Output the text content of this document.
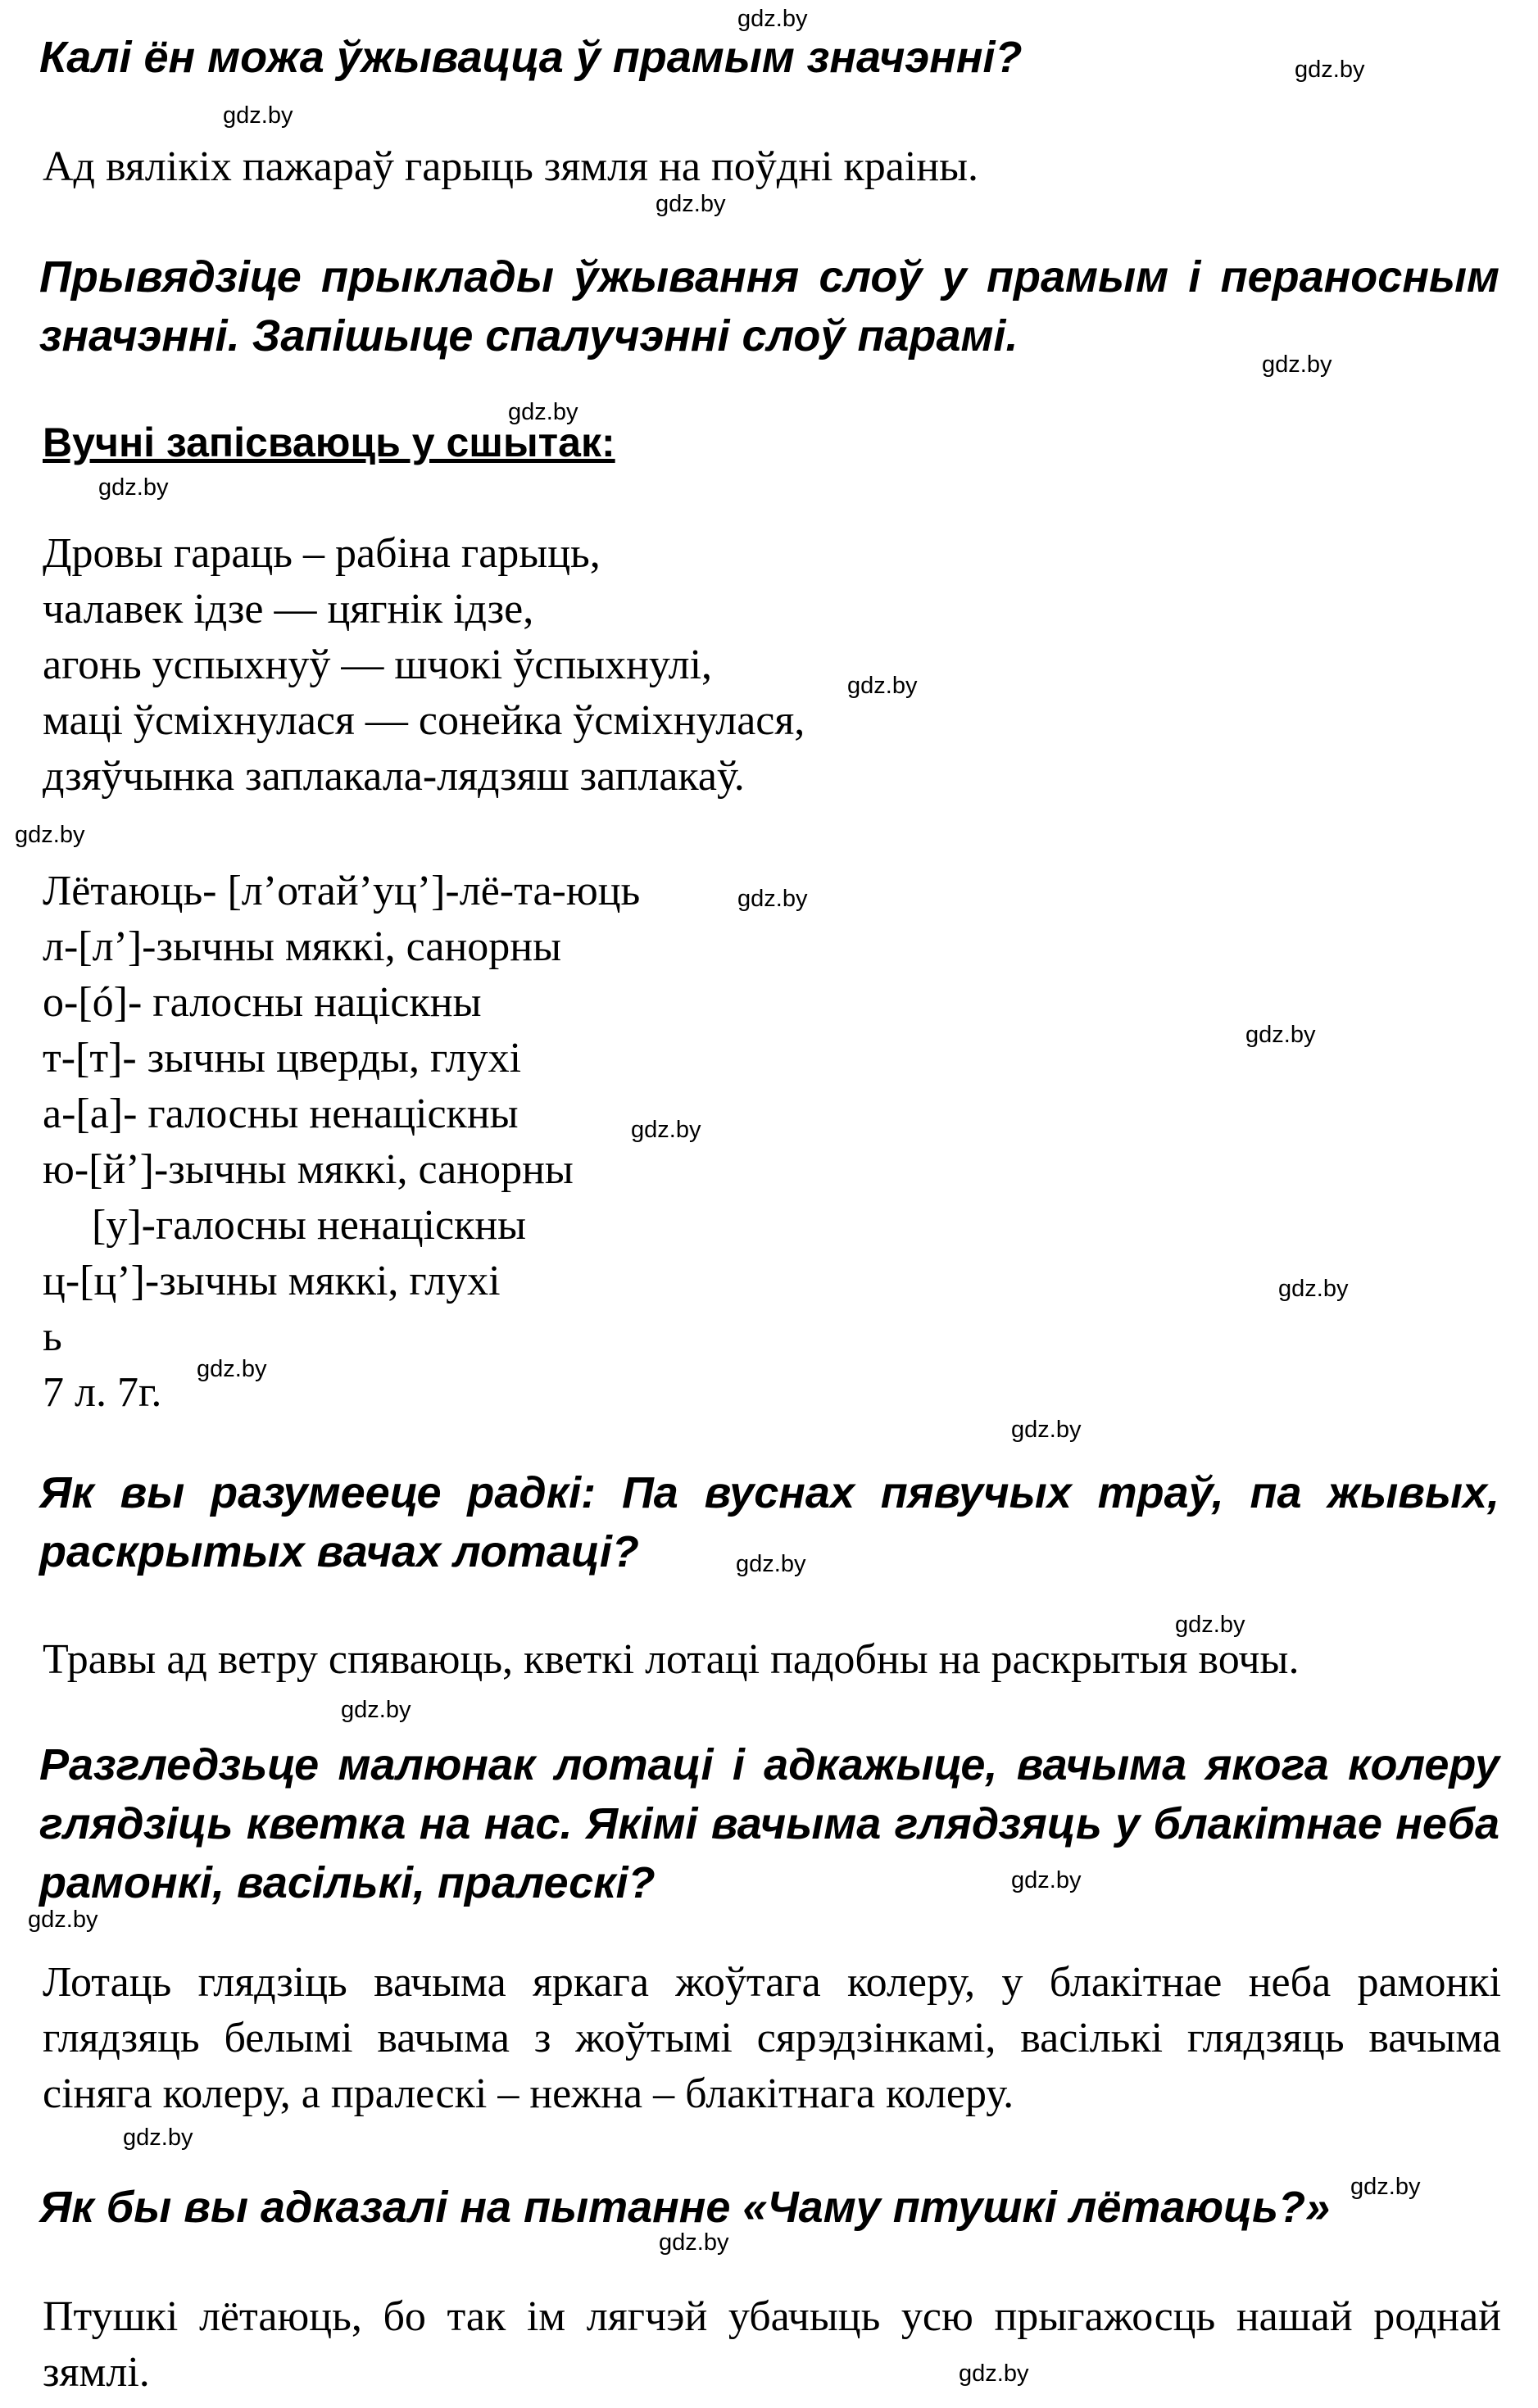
gdz.by

Калі ён можа ўжывацца ў прамым значэнні?	gdz.by
gdz.by

Ад вялікіх пажараў гарыць зямля на поўдні краіны.

gdz.by

Прывядзіце прыклады ўжывання слоў у прамым і пераносным значэнні. Запішыце спалучэнні слоў парамі.

gdz.by
gdz.by
Вучні запісваюць у сшытак:
gdz.by
Дровы гараць – рабіна гарыць,
чалавек ідзе — цягнік ідзе,
агонь успыхнуў — шчокі ўспыхнулі,
маці ўсміхнулася — сонейка ўсміхнулася,
дзяўчынка заплакала-лядзяш заплакаў.
gdz.by
gdz.by
Лётаюць- [л’отай’уц’]-лё-та-юць
л-[л’]-зычны мяккі, санорны
о-[ó]- галосны націскны
т-[т]- зычны цверды, глухі
а-[а]- галосны ненаціскны
ю-[й’]-зычны мяккі, санорны
[у]-галосны ненаціскны
ц-[ц’]-зычны мяккі, глухі
ь
7 л. 7г.
gdz.by
gdz.by
gdz.by
gdz.by
gdz.by
gdz.by

Як вы разумееце радкі: Па вуснах пявучых траў, па жывых, раскрытых вачах лотаці?	gdz.by
gdz.by

Травы ад ветру спяваюць, кветкі лотаці падобны на раскрытыя вочы.

gdz.by

Разгледзьце малюнак лотаці і адкажыце, вачыма якога колеру глядзіць кветка на нас. Якімі вачыма глядзяць у блакітнае неба рамонкі, васількі, пралескі?	gdz.by
gdz.by

Лотаць глядзіць вачыма яркага жоўтага колеру, у блакітнае неба рамонкі глядзяць белымі вачыма з жоўтымі сярэдзінкамі, васількі глядзяць вачыма сіняга колеру, а пралескі – нежна – блакітнага колеру.

gdz.by
gdz.by

Як бы вы адказалі на пытанне «Чаму птушкі лётаюць?»

gdz.by

Птушкі лётаюць, бо так ім лягчэй убачыць усю прыгажосць нашай роднай зямлі.	gdz.by
